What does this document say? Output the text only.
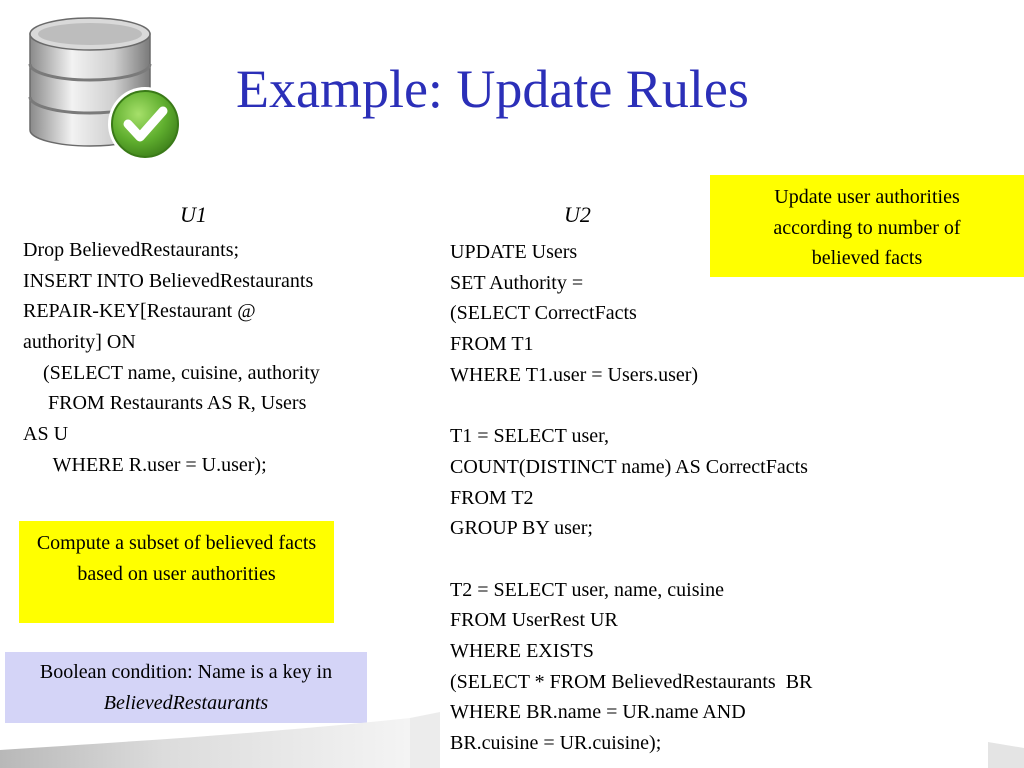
Example: Update Rules
U1	U2
Drop BelievedRestaurants;
INSERT INTO BelievedRestaurants
REPAIR-KEY[Restaurant @
authority] ON
(SELECT name, cuisine, authority
FROM Restaurants AS R, Users
AS U
WHERE R.user = U.user);
UPDATE Users
SET Authority =
(SELECT CorrectFacts
FROM T1
WHERE T1.user = Users.user)
T1 = SELECT user,
COUNT(DISTINCT name) AS CorrectFacts
FROM T2
GROUP BY user;
T2 = SELECT user, name, cuisine
FROM UserRest UR
WHERE EXISTS
(SELECT * FROM BelievedRestaurants  BR
WHERE BR.name = UR.name AND
BR.cuisine = UR.cuisine);
Update user authorities according to number of believed facts
Compute a subset of believed facts based on user authorities
Boolean condition: Name is a key in BelievedRestaurants
